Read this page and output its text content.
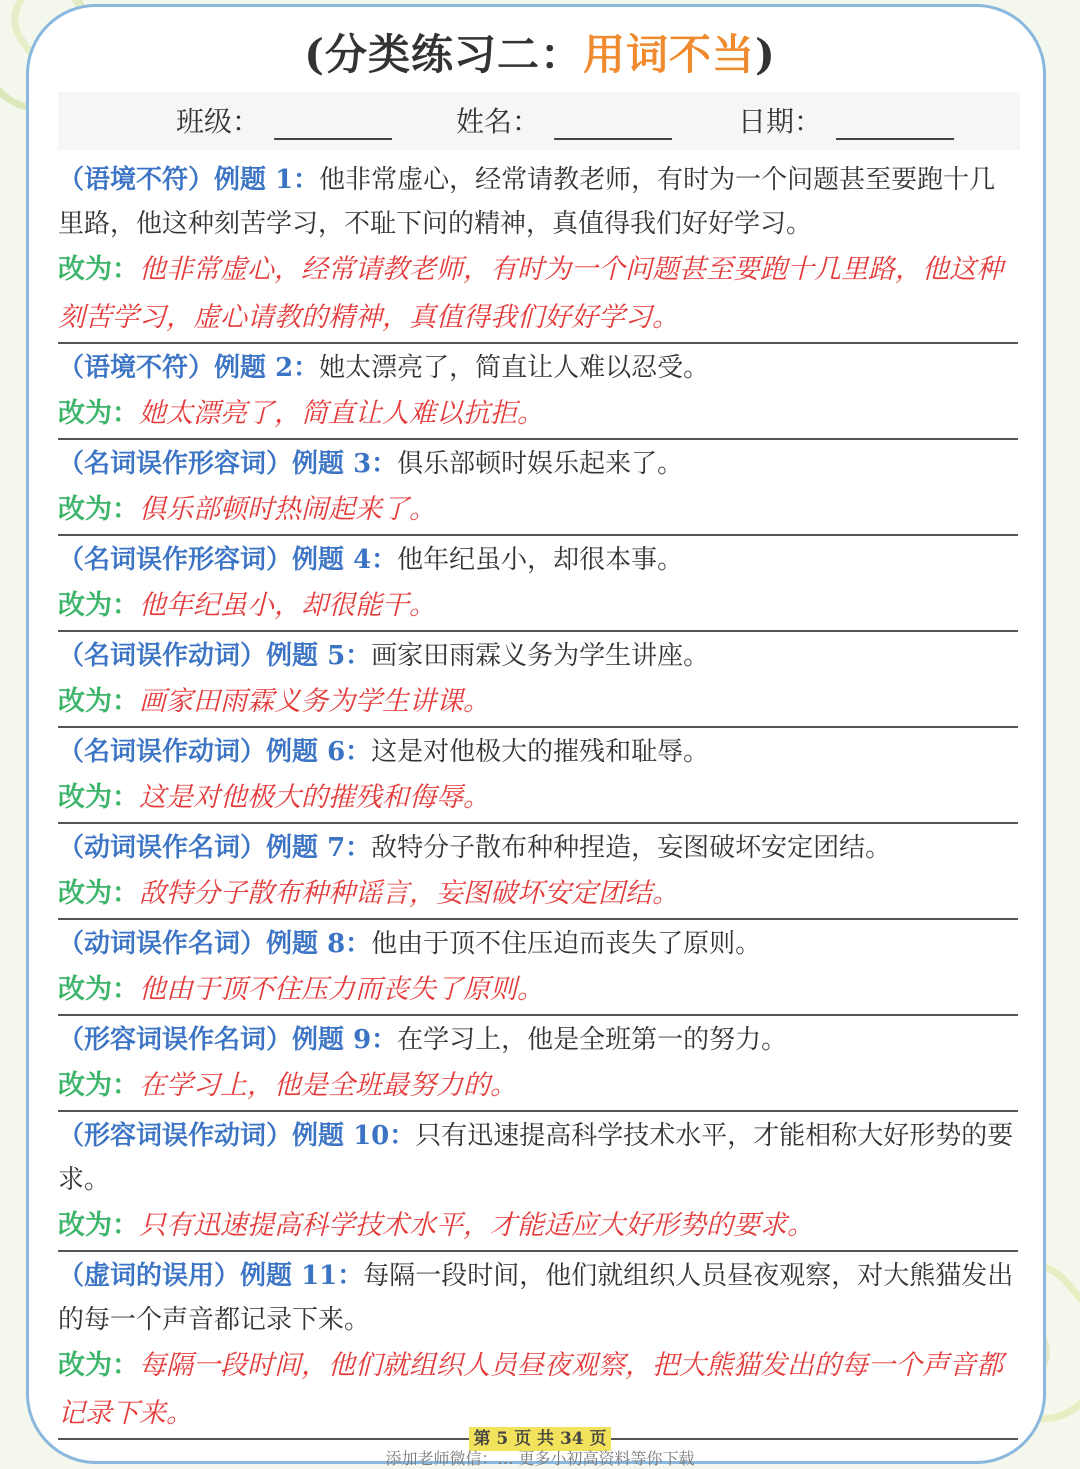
(分类练习二：用词不当)
班级：	姓名：	日期：
（语境不符）例题 1：他非常虚心，经常请教老师，有时为一个问题甚至要跑十几里路，他这种刻苦学习，不耻下问的精神，真值得我们好好学习。
改为：他非常虚心，经常请教老师，有时为一个问题甚至要跑十几里路，他这种刻苦学习，虚心请教的精神，真值得我们好好学习。
（语境不符）例题 2：她太漂亮了，简直让人难以忍受。
改为：她太漂亮了，简直让人难以抗拒。
（名词误作形容词）例题 3：俱乐部顿时娱乐起来了。
改为：俱乐部顿时热闹起来了。
（名词误作形容词）例题 4：他年纪虽小，却很本事。
改为：他年纪虽小，却很能干。
（名词误作动词）例题 5：画家田雨霖义务为学生讲座。
改为：画家田雨霖义务为学生讲课。
（名词误作动词）例题 6：这是对他极大的摧残和耻辱。
改为：这是对他极大的摧残和侮辱。
（动词误作名词）例题 7：敌特分子散布种种捏造，妄图破坏安定团结。
改为：敌特分子散布种种谣言，妄图破坏安定团结。
（动词误作名词）例题 8：他由于顶不住压迫而丧失了原则。
改为：他由于顶不住压力而丧失了原则。
（形容词误作名词）例题 9：在学习上，他是全班第一的努力。
改为：在学习上，他是全班最努力的。
（形容词误作动词）例题 10：只有迅速提高科学技术水平，才能相称大好形势的要求。
改为：只有迅速提高科学技术水平，才能适应大好形势的要求。
（虚词的误用）例题 11：每隔一段时间，他们就组织人员昼夜观察，对大熊猫发出的每一个声音都记录下来。
改为：每隔一段时间，他们就组织人员昼夜观察，把大熊猫发出的每一个声音都记录下来。
第 5 页 共 34 页
添加老师微信：… 更多小初高资料等你下载
